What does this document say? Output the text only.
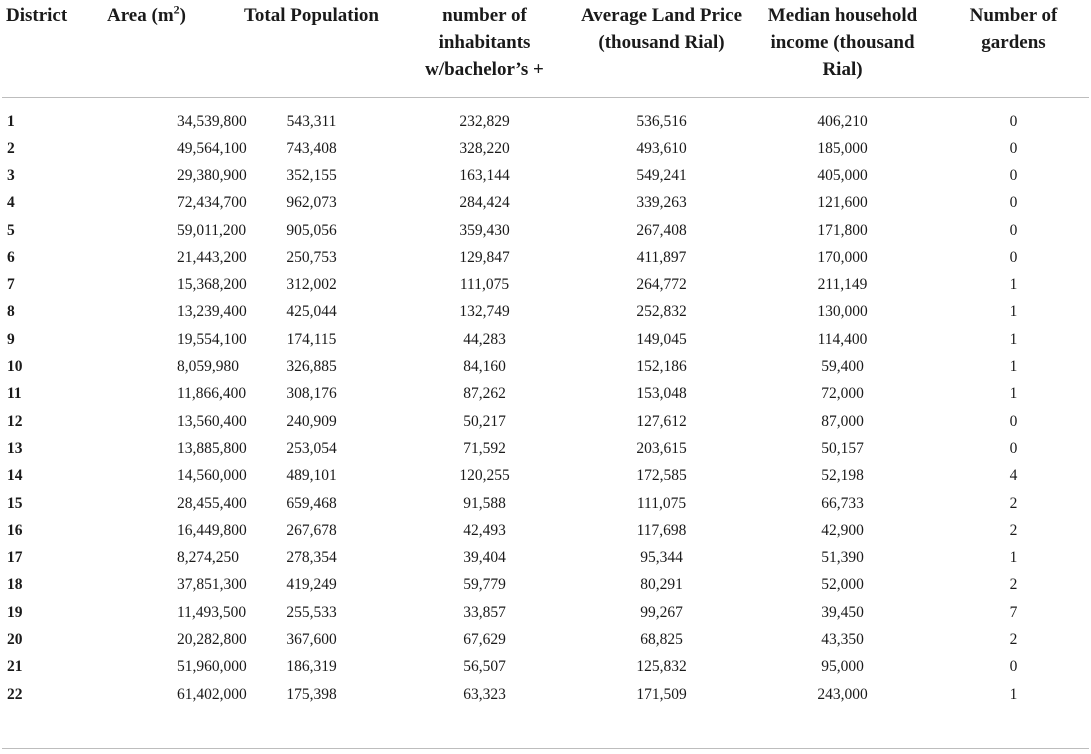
District	Area $(m^2)$	Total Population	number of inhabitants w/bachelor’s +	Average Land Price (thousand Rial)	Median household income (thousand Rial)	Number of gardens
1	34,539,800	543,311	232,829	536,516	406,210	0
2	49,564,100	743,408	328,220	493,610	185,000	0
3	29,380,900	352,155	163,144	549,241	405,000	0
4	72,434,700	962,073	284,424	339,263	121,600	0
5	59,011,200	905,056	359,430	267,408	171,800	0
6	21,443,200	250,753	129,847	411,897	170,000	0
7	15,368,200	312,002	111,075	264,772	211,149	1
8	13,239,400	425,044	132,749	252,832	130,000	1
9	19,554,100	174,115	44,283	149,045	114,400	1
10	8,059,980	326,885	84,160	152,186	59,400	1
11	11,866,400	308,176	87,262	153,048	72,000	1
12	13,560,400	240,909	50,217	127,612	87,000	0
13	13,885,800	253,054	71,592	203,615	50,157	0
14	14,560,000	489,101	120,255	172,585	52,198	4
15	28,455,400	659,468	91,588	111,075	66,733	2
16	16,449,800	267,678	42,493	117,698	42,900	2
17	8,274,250	278,354	39,404	95,344	51,390	1
18	37,851,300	419,249	59,779	80,291	52,000	2
19	11,493,500	255,533	33,857	99,267	39,450	7
20	20,282,800	367,600	67,629	68,825	43,350	2
21	51,960,000	186,319	56,507	125,832	95,000	0
22	61,402,000	175,398	63,323	171,509	243,000	1
